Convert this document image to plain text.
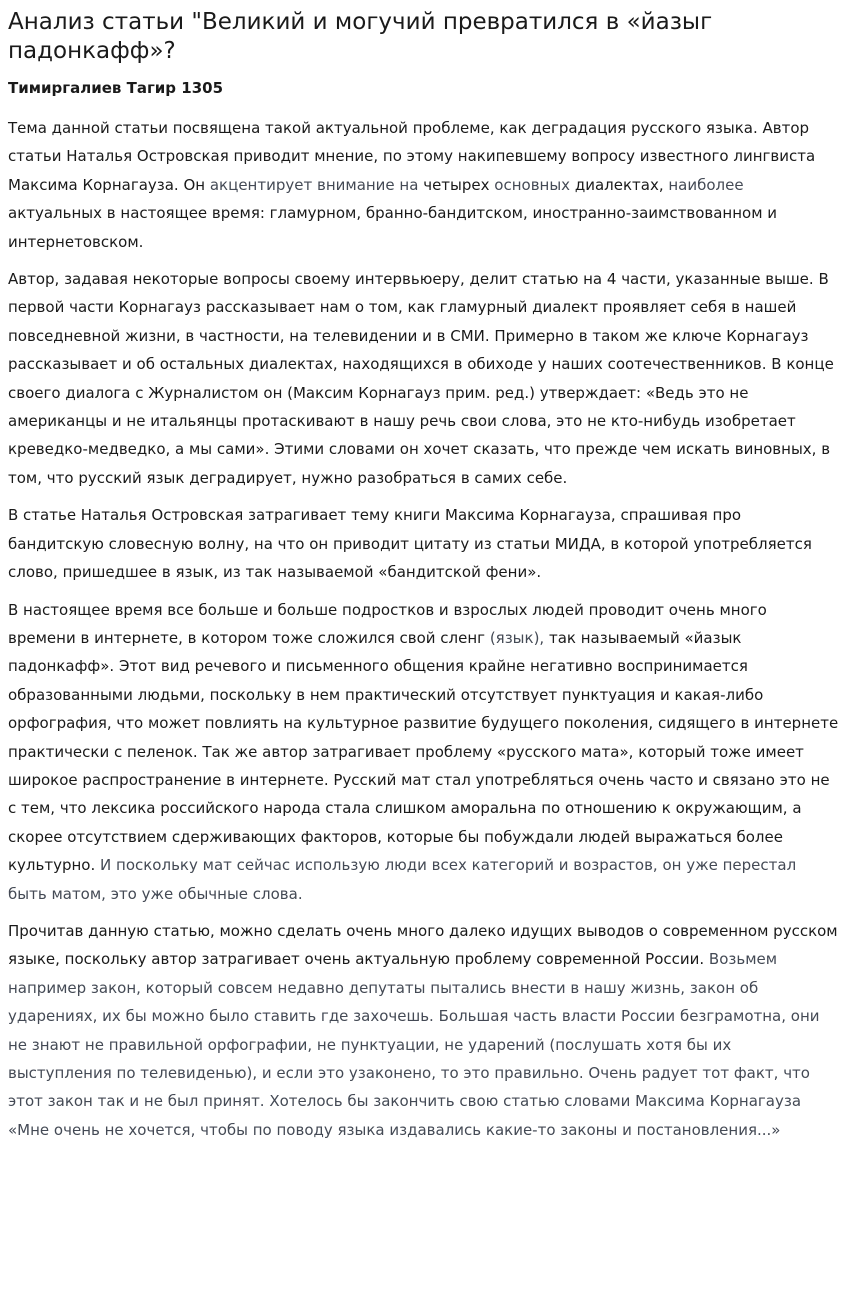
Анализ статьи "Великий и могучий превратился в «йазыг падонкафф»?
Тимиргалиев Тагир 1305

Тема данной статьи посвящена такой актуальной проблеме, как деградация русского языка. Автор статьи Наталья Островская приводит мнение, по этому накипевшему вопросу известного лингвиста Максима Корнагауза. Он акцентирует внимание на четырех основных диалектах, наиболее актуальных в настоящее время: гламурном, бранно-бандитском, иностранно-заимствованном и интернетовском.

Автор, задавая некоторые вопросы своему интервьюеру, делит статью на 4 части, указанные выше. В первой части Корнагауз рассказывает нам о том, как гламурный диалект проявляет себя в нашей повседневной жизни, в частности, на телевидении и в СМИ. Примерно в таком же ключе Корнагауз рассказывает и об остальных диалектах, находящихся в обиходе у наших соотечественников. В конце своего диалога с Журналистом он (Максим Корнагауз прим. ред.) утверждает: «Ведь это не американцы и не итальянцы протаскивают в нашу речь свои слова, это не кто-нибудь изобретает креведко-медведко, а мы сами». Этими словами он хочет сказать, что прежде чем искать виновных, в том, что русский язык деградирует, нужно разобраться в самих себе.

В статье Наталья Островская затрагивает тему книги Максима Корнагауза, спрашивая про бандитскую словесную волну, на что он приводит цитату из статьи МИДА, в которой употребляется слово, пришедшее в язык, из так называемой «бандитской фени».

В настоящее время все больше и больше подростков и взрослых людей проводит очень много времени в интернете, в котором тоже сложился свой сленг (язык), так называемый «йазык падонкафф». Этот вид речевого и письменного общения крайне негативно воспринимается образованными людьми, поскольку в нем практический отсутствует пунктуация и какая-либо орфография, что может повлиять на культурное развитие будущего поколения, сидящего в интернете практически с пеленок. Так же автор затрагивает проблему «русского мата», который тоже имеет широкое распространение в интернете. Русский мат стал употребляться очень часто и связано это не с тем, что лексика российского народа стала слишком аморальна по отношению к окружающим, а скорее отсутствием сдерживающих факторов, которые бы побуждали людей выражаться более культурно. И поскольку мат сейчас использую люди всех категорий и возрастов, он уже перестал быть матом, это уже обычные слова.

Прочитав данную статью, можно сделать очень много далеко идущих выводов о современном русском языке, поскольку автор затрагивает очень актуальную проблему современной России. Возьмем например закон, который совсем недавно депутаты пытались внести в нашу жизнь, закон об ударениях, их бы можно было ставить где захочешь. Большая часть власти России безграмотна, они не знают не правильной орфографии, не пунктуации, не ударений (послушать хотя бы их выступления по телевиденью), и если это узаконено, то это правильно. Очень радует тот факт, что этот закон так и не был принят. Хотелось бы закончить свою статью словами Максима Корнагауза «Мне очень не хочется, чтобы по поводу языка издавались какие-то законы и постановления...»
